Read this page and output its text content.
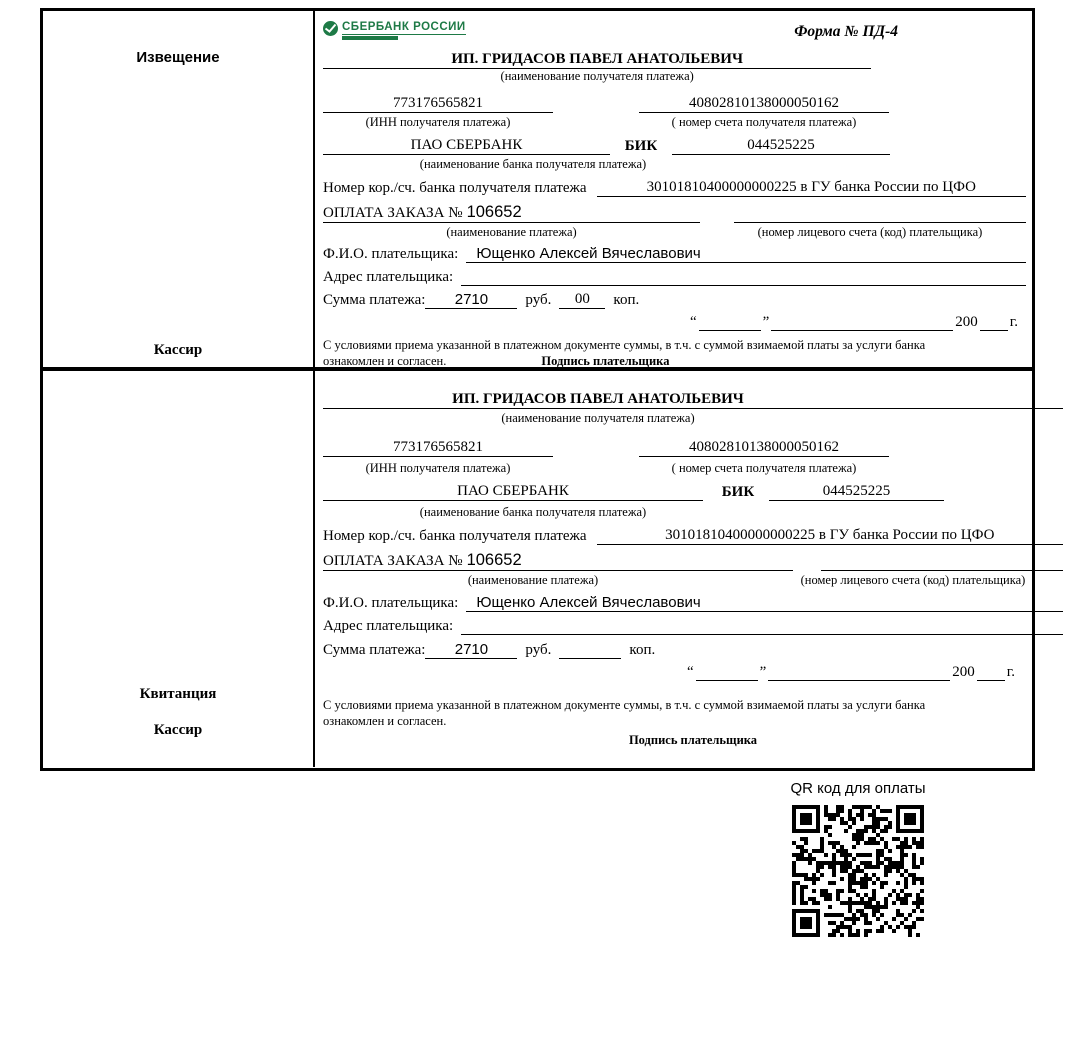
Извещение
Кассир
СБЕРБАНК РОССИИ	Форма № ПД-4
ИП. ГРИДАСОВ ПАВЕЛ АНАТОЛЬЕВИЧ
(наименование получателя платежа)
773176565821	40802810138000050162
(ИНН получателя платежа)	( номер счета получателя платежа)
ПАО СБЕРБАНК	БИК	044525225
(наименование банка получателя платежа)
Номер кор./сч. банка получателя платежа	30101810400000000225 в ГУ банка России по ЦФО
ОПЛАТА ЗАКАЗА № 106652
(наименование платежа)	(номер лицевого счета (код) плательщика)
Ф.И.О. плательщика:	Ющенко Алексей Вячеславович
Адрес плательщика:
Сумма платежа:	2710	руб.	00	коп.
“	”	200 г.
С условиями приема указанной в платежном документе суммы, в т.ч. с суммой взимаемой платы за услуги банка
ознакомлен и согласен.	Подпись плательщика
Квитанция
Кассир
ИП. ГРИДАСОВ ПАВЕЛ АНАТОЛЬЕВИЧ
(наименование получателя платежа)
773176565821	40802810138000050162
(ИНН получателя платежа)	( номер счета получателя платежа)
ПАО СБЕРБАНК	БИК	044525225
(наименование банка получателя платежа)
Номер кор./сч. банка получателя платежа	30101810400000000225 в ГУ банка России по ЦФО
ОПЛАТА ЗАКАЗА № 106652
(наименование платежа)	(номер лицевого счета (код) плательщика)
Ф.И.О. плательщика:	Ющенко Алексей Вячеславович
Адрес плательщика:
Сумма платежа:	2710	руб.	коп.
“	”	200 г.
С условиями приема указанной в платежном документе суммы, в т.ч. с суммой взимаемой платы за услуги банка
ознакомлен и согласен.
Подпись плательщика
QR код для оплаты
